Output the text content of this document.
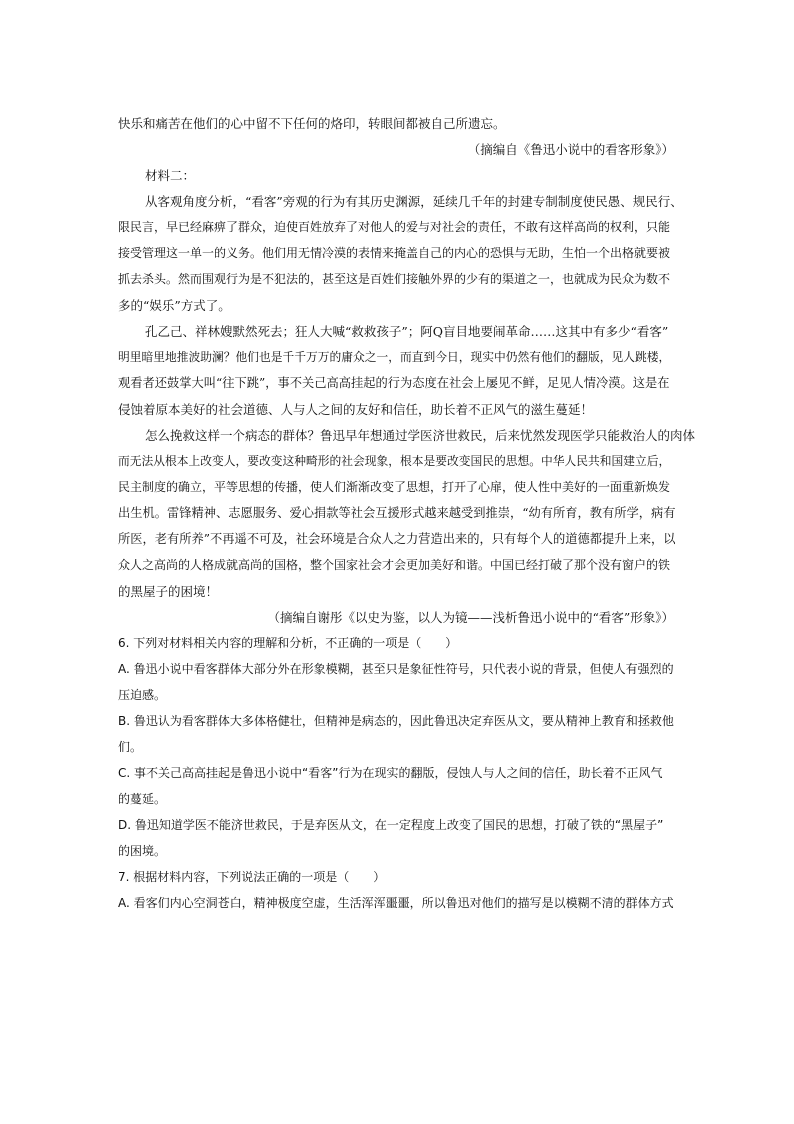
快乐和痛苦在他们的心中留不下任何的烙印，转眼间都被自己所遗忘。
（摘编自《鲁迅小说中的看客形象》）
材料二：
从客观角度分析，“看客”旁观的行为有其历史渊源，延续几千年的封建专制制度使民愚、规民行、
限民言，早已经麻痹了群众，迫使百姓放弃了对他人的爱与对社会的责任，不敢有这样高尚的权利，只能
接受管理这一单一的义务。他们用无情冷漠的表情来掩盖自己的内心的恐惧与无助，生怕一个出格就要被
抓去杀头。然而围观行为是不犯法的，甚至这是百姓们接触外界的少有的渠道之一，也就成为民众为数不
多的“娱乐”方式了。
孔乙己、祥林嫂默然死去；狂人大喊“救救孩子”；阿Q盲目地要闹革命……这其中有多少“看客”
明里暗里地推波助澜？他们也是千千万万的庸众之一，而直到今日，现实中仍然有他们的翻版，见人跳楼，
观看者还鼓掌大叫“往下跳”，事不关己高高挂起的行为态度在社会上屡见不鲜，足见人情冷漠。这是在
侵蚀着原本美好的社会道德、人与人之间的友好和信任，助长着不正风气的滋生蔓延！
怎么挽救这样一个病态的群体？鲁迅早年想通过学医济世救民，后来忧然发现医学只能救治人的肉体
而无法从根本上改变人，要改变这种畸形的社会现象，根本是要改变国民的思想。中华人民共和国建立后，
民主制度的确立，平等思想的传播，使人们渐渐改变了思想，打开了心扉，使人性中美好的一面重新焕发
出生机。雷锋精神、志愿服务、爱心捐款等社会互援形式越来越受到推崇，“幼有所育，教有所学，病有
所医，老有所养”不再遥不可及，社会环境是合众人之力营造出来的，只有每个人的道德都提升上来，以
众人之高尚的人格成就高尚的国格，整个国家社会才会更加美好和谐。中国已经打破了那个没有窗户的铁
的黑屋子的困境！
（摘编自谢彤《以史为鉴，以人为镜——浅析鲁迅小说中的“看客”形象》）
6. 下列对材料相关内容的理解和分析，不正确的一项是（　　）
A. 鲁迅小说中看客群体大部分外在形象模糊，甚至只是象征性符号，只代表小说的背景，但使人有强烈的
压迫感。
B. 鲁迅认为看客群体大多体格健壮，但精神是病态的，因此鲁迅决定弃医从文，要从精神上教育和拯救他
们。
C. 事不关己高高挂起是鲁迅小说中“看客”行为在现实的翻版，侵蚀人与人之间的信任，助长着不正风气
的蔓延。
D. 鲁迅知道学医不能济世救民，于是弃医从文，在一定程度上改变了国民的思想，打破了铁的“黑屋子”
的困境。
7. 根据材料内容，下列说法正确的一项是（　　）
A. 看客们内心空洞苍白，精神极度空虚，生活浑浑噩噩，所以鲁迅对他们的描写是以模糊不清的群体方式
